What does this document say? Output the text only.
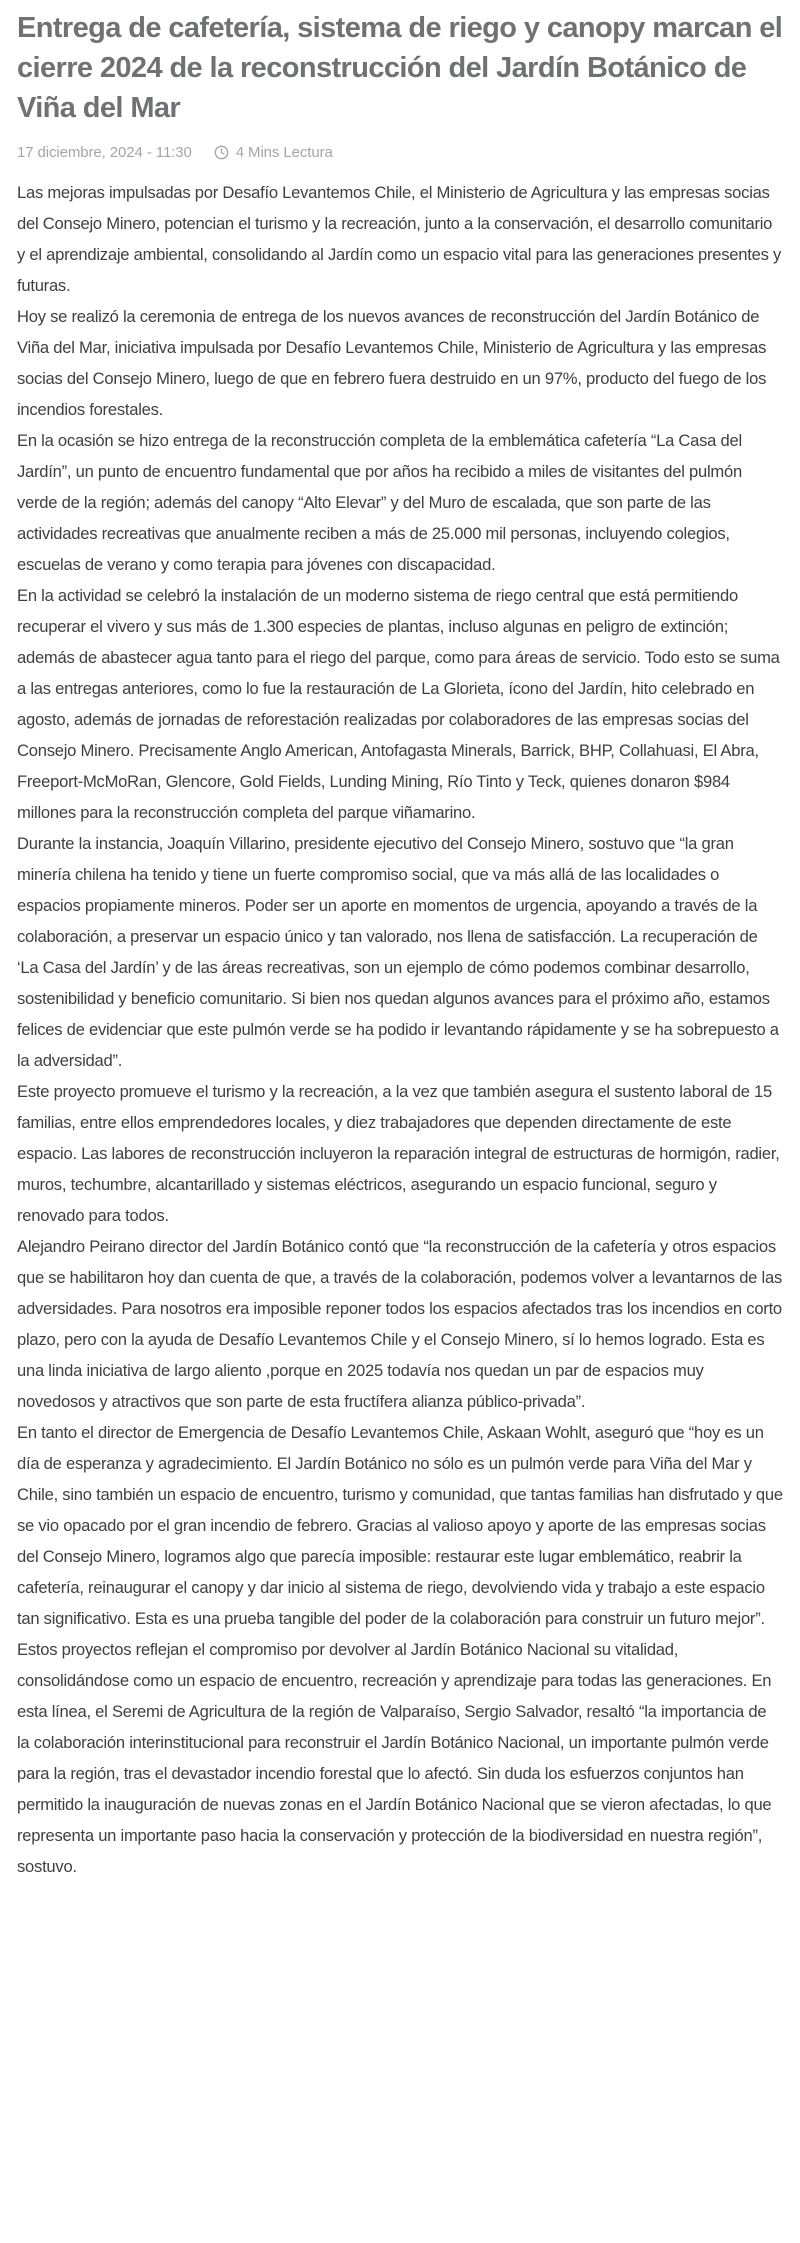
Entrega de cafetería, sistema de riego y canopy marcan el cierre 2024 de la reconstrucción del Jardín Botánico de Viña del Mar
17 diciembre, 2024 - 11:30	4 Mins Lectura

Las mejoras impulsadas por Desafío Levantemos Chile, el Ministerio de Agricultura y las empresas socias del Consejo Minero, potencian el turismo y la recreación, junto a la conservación, el desarrollo comunitario y el aprendizaje ambiental, consolidando al Jardín como un espacio vital para las generaciones presentes y futuras.

Hoy se realizó la ceremonia de entrega de los nuevos avances de reconstrucción del Jardín Botánico de Viña del Mar, iniciativa impulsada por Desafío Levantemos Chile, Ministerio de Agricultura y las empresas socias del Consejo Minero, luego de que en febrero fuera destruido en un 97%, producto del fuego de los incendios forestales.

En la ocasión se hizo entrega de la reconstrucción completa de la emblemática cafetería “La Casa del Jardín”, un punto de encuentro fundamental que por años ha recibido a miles de visitantes del pulmón verde de la región; además del canopy “Alto Elevar” y del Muro de escalada, que son parte de las actividades recreativas que anualmente reciben a más de 25.000 mil personas, incluyendo colegios, escuelas de verano y como terapia para jóvenes con discapacidad.

En la actividad se celebró la instalación de un moderno sistema de riego central que está permitiendo recuperar el vivero y sus más de 1.300 especies de plantas, incluso algunas en peligro de extinción; además de abastecer agua tanto para el riego del parque, como para áreas de servicio. Todo esto se suma a las entregas anteriores, como lo fue la restauración de La Glorieta, ícono del Jardín, hito celebrado en agosto, además de jornadas de reforestación realizadas por colaboradores de las empresas socias del Consejo Minero. Precisamente Anglo American, Antofagasta Minerals, Barrick, BHP, Collahuasi, El Abra, Freeport-McMoRan, Glencore, Gold Fields, Lunding Mining, Río Tinto y Teck, quienes donaron $984 millones para la reconstrucción completa del parque viñamarino.

Durante la instancia, Joaquín Villarino, presidente ejecutivo del Consejo Minero, sostuvo que “la gran minería chilena ha tenido y tiene un fuerte compromiso social, que va más allá de las localidades o espacios propiamente mineros. Poder ser un aporte en momentos de urgencia, apoyando a través de la colaboración, a preservar un espacio único y tan valorado, nos llena de satisfacción. La recuperación de ‘La Casa del Jardín’ y de las áreas recreativas, son un ejemplo de cómo podemos combinar desarrollo, sostenibilidad y beneficio comunitario. Si bien nos quedan algunos avances para el próximo año, estamos felices de evidenciar que este pulmón verde se ha podido ir levantando rápidamente y se ha sobrepuesto a la adversidad”.

Este proyecto promueve el turismo y la recreación, a la vez que también asegura el sustento laboral de 15 familias, entre ellos emprendedores locales, y diez trabajadores que dependen directamente de este espacio. Las labores de reconstrucción incluyeron la reparación integral de estructuras de hormigón, radier, muros, techumbre, alcantarillado y sistemas eléctricos, asegurando un espacio funcional, seguro y renovado para todos.

Alejandro Peirano director del Jardín Botánico contó que “la reconstrucción de la cafetería y otros espacios que se habilitaron hoy dan cuenta de que, a través de la colaboración, podemos volver a levantarnos de las adversidades. Para nosotros era imposible reponer todos los espacios afectados tras los incendios en corto plazo, pero con la ayuda de Desafío Levantemos Chile y el Consejo Minero, sí lo hemos logrado. Esta es una linda iniciativa de largo aliento ,porque en 2025 todavía nos quedan un par de espacios muy novedosos y atractivos que son parte de esta fructífera alianza público-privada”.

En tanto el director de Emergencia de Desafío Levantemos Chile, Askaan Wohlt, aseguró que “hoy es un día de esperanza y agradecimiento. El Jardín Botánico no sólo es un pulmón verde para Viña del Mar y Chile, sino también un espacio de encuentro, turismo y comunidad, que tantas familias han disfrutado y que se vio opacado por el gran incendio de febrero. Gracias al valioso apoyo y aporte de las empresas socias del Consejo Minero, logramos algo que parecía imposible: restaurar este lugar emblemático, reabrir la cafetería, reinaugurar el canopy y dar inicio al sistema de riego, devolviendo vida y trabajo a este espacio tan significativo. Esta es una prueba tangible del poder de la colaboración para construir un futuro mejor”.

Estos proyectos reflejan el compromiso por devolver al Jardín Botánico Nacional su vitalidad, consolidándose como un espacio de encuentro, recreación y aprendizaje para todas las generaciones. En esta línea, el Seremi de Agricultura de la región de Valparaíso, Sergio Salvador, resaltó “la importancia de la colaboración interinstitucional para reconstruir el Jardín Botánico Nacional, un importante pulmón verde para la región, tras el devastador incendio forestal que lo afectó. Sin duda los esfuerzos conjuntos han permitido la inauguración de nuevas zonas en el Jardín Botánico Nacional que se vieron afectadas, lo que representa un importante paso hacia la conservación y protección de la biodiversidad en nuestra región”, sostuvo.
